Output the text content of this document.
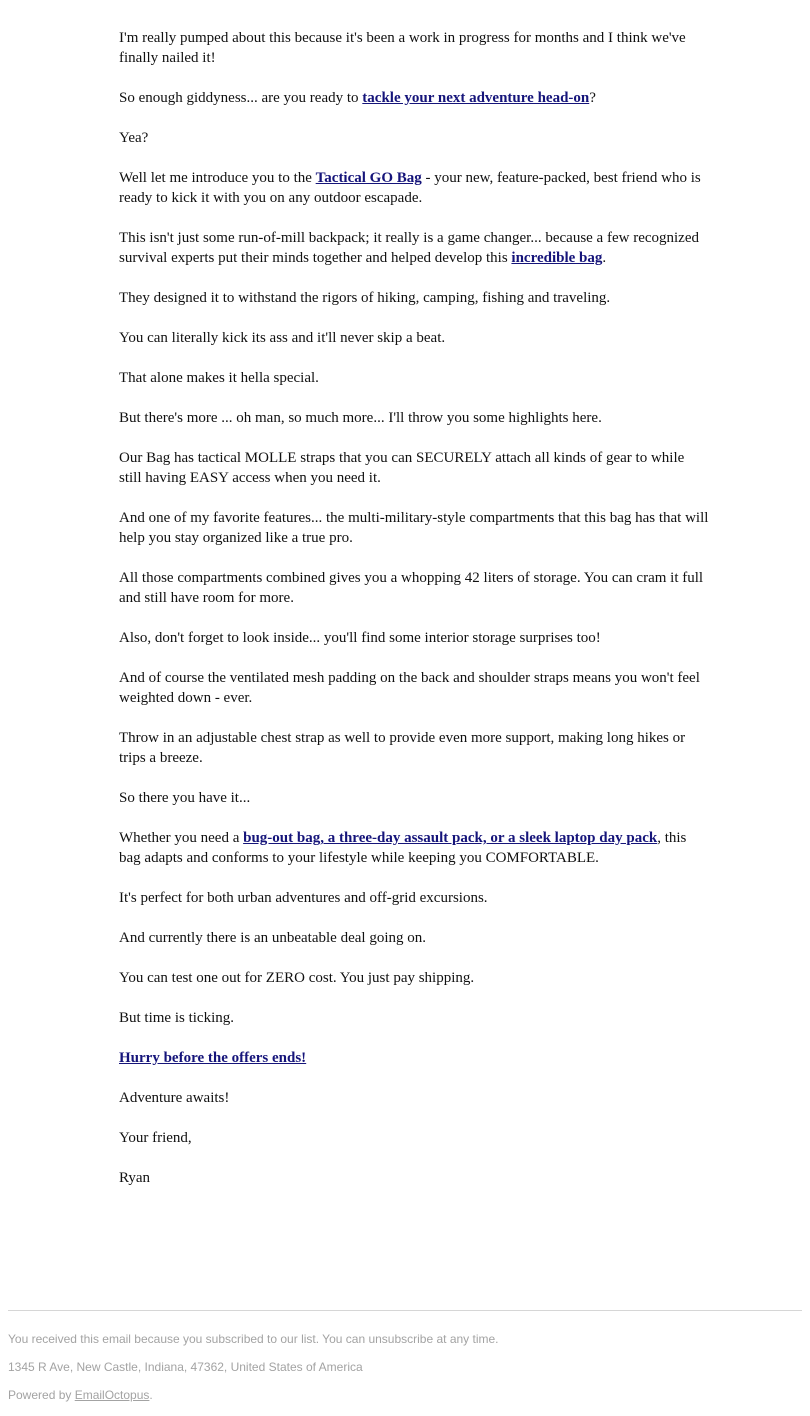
I'm really pumped about this because it's been a work in progress for months and I think we've finally nailed it!

So enough giddyness... are you ready to tackle your next adventure head-on?

Yea?

Well let me introduce you to the Tactical GO Bag - your new, feature-packed, best friend who is ready to kick it with you on any outdoor escapade.

This isn't just some run-of-mill backpack; it really is a game changer... because a few recognized survival experts put their minds together and helped develop this incredible bag.

They designed it to withstand the rigors of hiking, camping, fishing and traveling.

You can literally kick its ass and it'll never skip a beat.

That alone makes it hella special.

But there's more ... oh man, so much more... I'll throw you some highlights here.

Our Bag has tactical MOLLE straps that you can SECURELY attach all kinds of gear to while still having EASY access when you need it.

And one of my favorite features... the multi-military-style compartments that this bag has that will help you stay organized like a true pro.

All those compartments combined gives you a whopping 42 liters of storage. You can cram it full and still have room for more.

Also, don't forget to look inside... you'll find some interior storage surprises too!

And of course the ventilated mesh padding on the back and shoulder straps means you won't feel weighted down - ever.

Throw in an adjustable chest strap as well to provide even more support, making long hikes or trips a breeze.

So there you have it...

Whether you need a bug-out bag, a three-day assault pack, or a sleek laptop day pack, this bag adapts and conforms to your lifestyle while keeping you COMFORTABLE.

It's perfect for both urban adventures and off-grid excursions.

And currently there is an unbeatable deal going on.

You can test one out for ZERO cost. You just pay shipping.

But time is ticking.

Hurry before the offers ends!

Adventure awaits!

Your friend,

Ryan

You received this email because you subscribed to our list. You can unsubscribe at any time.

1345 R Ave, New Castle, Indiana, 47362, United States of America

Powered by EmailOctopus.
